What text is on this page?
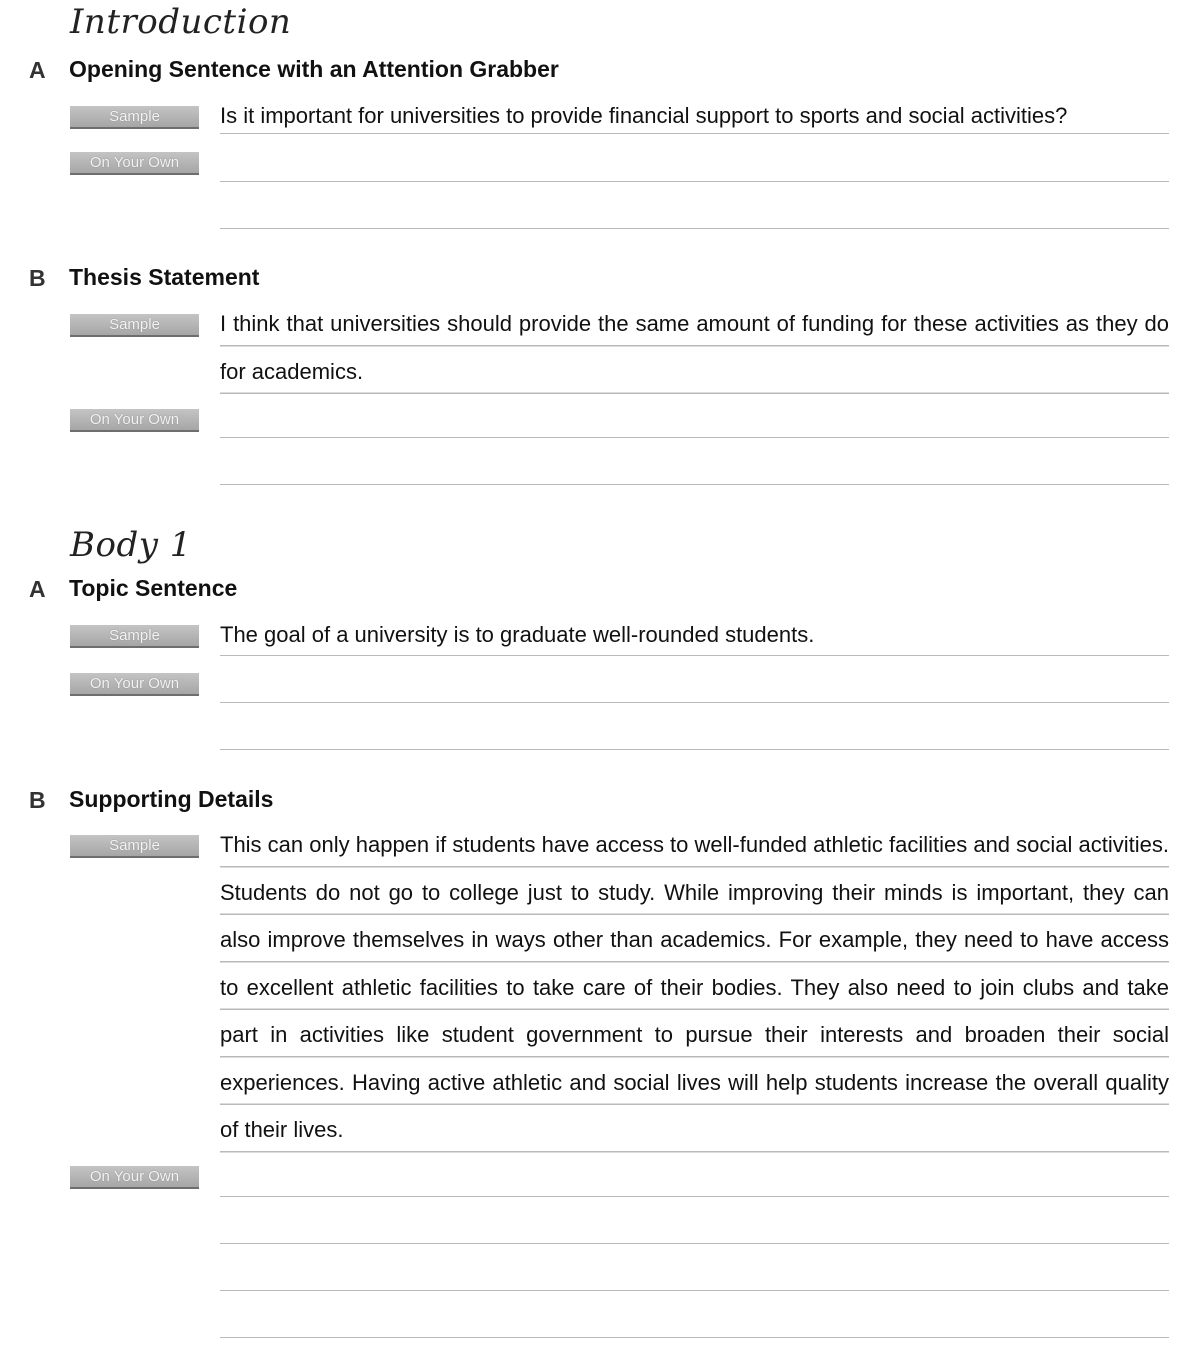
Introduction
A Opening Sentence with an Attention Grabber
Sample	Is it important for universities to provide financial support to sports and social activities?
On Your Own
B Thesis Statement
Sample	I think that universities should provide the same amount of funding for these activities as they do for academics.
On Your Own
Body 1
A Topic Sentence
Sample	The goal of a university is to graduate well-rounded students.
On Your Own
B Supporting Details
Sample	This can only happen if students have access to well-funded athletic facilities and social activities. Students do not go to college just to study. While improving their minds is important, they can also improve themselves in ways other than academics. For example, they need to have access to excellent athletic facilities to take care of their bodies. They also need to join clubs and take part in activities like student government to pursue their interests and broaden their social experiences. Having active athletic and social lives will help students increase the overall quality of their lives.
On Your Own
